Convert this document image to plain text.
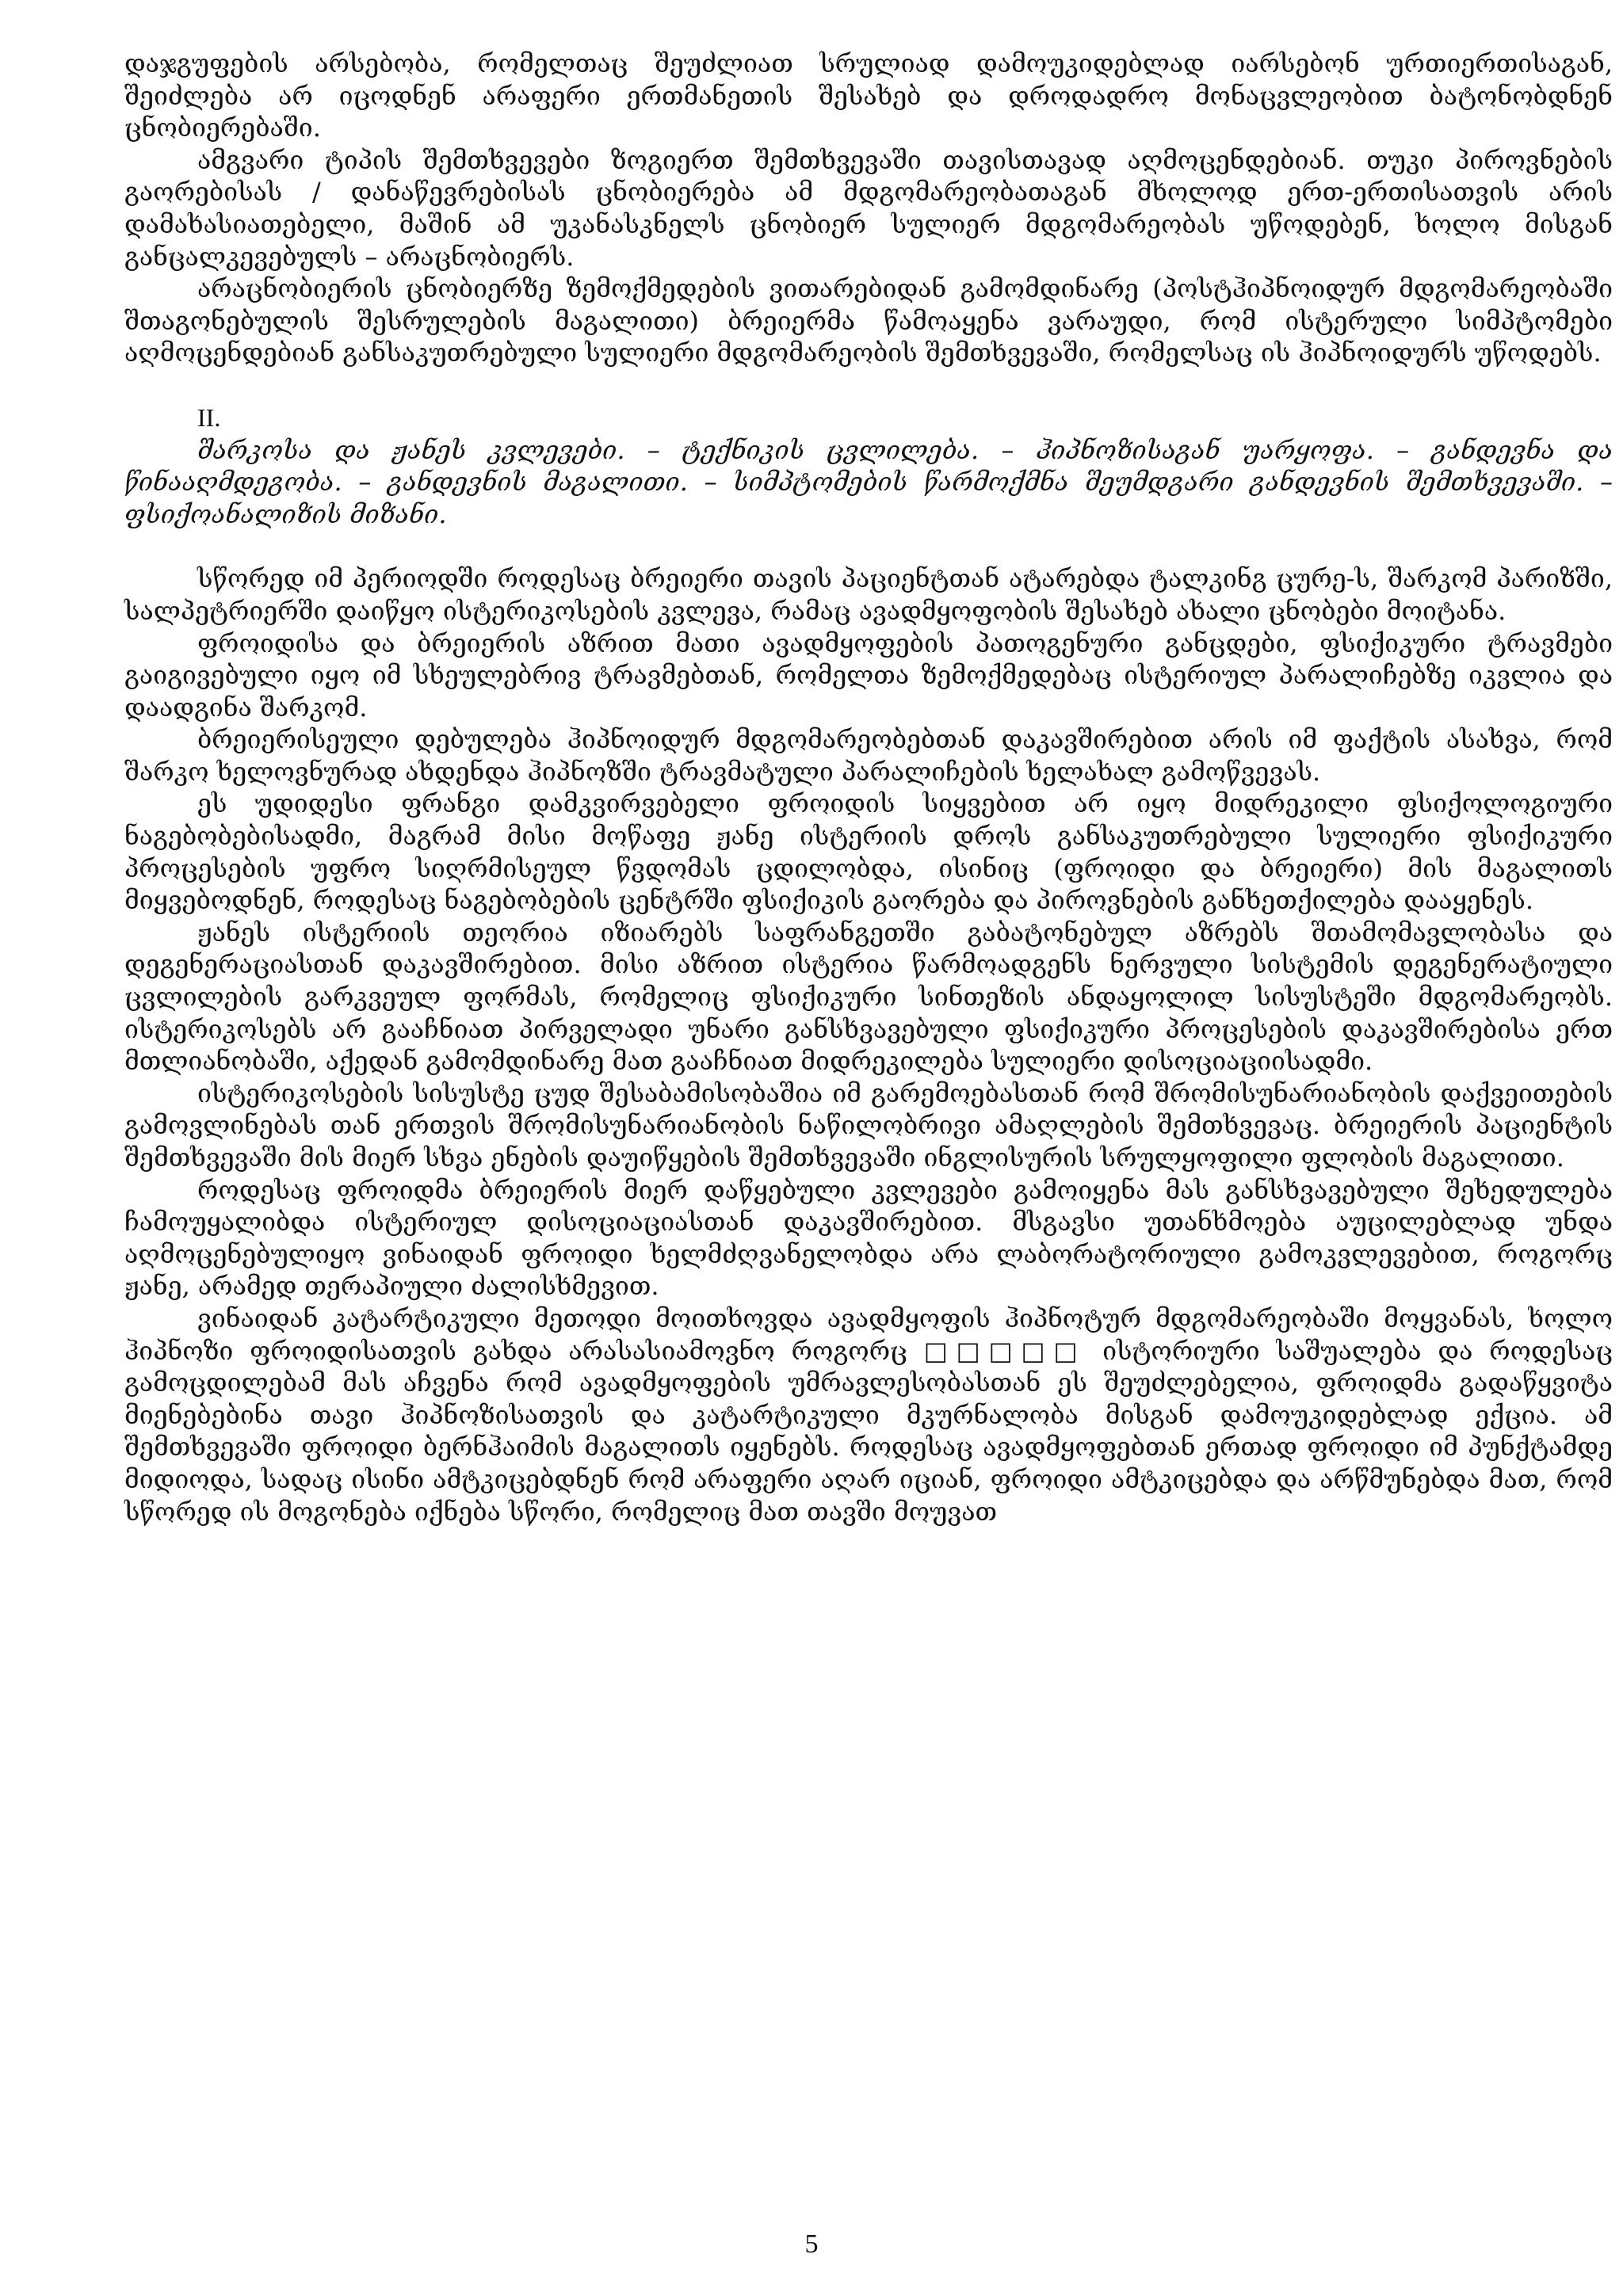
დაჯგუფების არსებობა, რომელთაც შეუძლიათ სრულიად დამოუკიდებლად იარსებონ ურთიერთისაგან, შეიძლება არ იცოდნენ არაფერი ერთმანეთის შესახებ და დროდადრო მონაცვლეობით ბატონობდნენ ცნობიერებაში.

ამგვარი ტიპის შემთხვევები ზოგიერთ შემთხვევაში თავისთავად აღმოცენდებიან. თუკი პიროვნების გაორებისას / დანაწევრებისას ცნობიერება ამ მდგომარეობათაგან მხოლოდ ერთ-ერთისათვის არის დამახასიათებელი, მაშინ ამ უკანასკნელს ცნობიერ სულიერ მდგომარეობას უწოდებენ, ხოლო მისგან განცალკევებულს – არაცნობიერს.

არაცნობიერის ცნობიერზე ზემოქმედების ვითარებიდან გამომდინარე (პოსტჰიპნოიდურ მდგომარეობაში შთაგონებულის შესრულების მაგალითი) ბრეიერმა წამოაყენა ვარაუდი, რომ ისტერული სიმპტომები აღმოცენდებიან განსაკუთრებული სულიერი მდგომარეობის შემთხვევაში, რომელსაც ის ჰიპნოიდურს უწოდებს.

II.

შარკოსა და ჟანეს კვლევები. – ტექნიკის ცვლილება. – ჰიპნოზისაგან უარყოფა. – განდევნა და წინააღმდეგობა. – განდევნის მაგალითი. – სიმპტომების წარმოქმნა შეუმდგარი განდევნის შემთხვევაში. – ფსიქოანალიზის მიზანი.

სწორედ იმ პერიოდში როდესაც ბრეიერი თავის პაციენტთან ატარებდა ტალკინგ ცურე-ს, შარკომ პარიზში, სალპეტრიერში დაიწყო ისტერიკოსების კვლევა, რამაც ავადმყოფობის შესახებ ახალი ცნობები მოიტანა.

ფროიდისა და ბრეიერის აზრით მათი ავადმყოფების პათოგენური განცდები, ფსიქიკური ტრავმები გაიგივებული იყო იმ სხეულებრივ ტრავმებთან, რომელთა ზემოქმედებაც ისტერიულ პარალიჩებზე იკვლია და დაადგინა შარკომ.

ბრეიერისეული დებულება ჰიპნოიდურ მდგომარეობებთან დაკავშირებით არის იმ ფაქტის ასახვა, რომ შარკო ხელოვნურად ახდენდა ჰიპნოზში ტრავმატული პარალიჩების ხელახალ გამოწვევას.

ეს უდიდესი ფრანგი დამკვირვებელი ფროიდის სიყვებით არ იყო მიდრეკილი ფსიქოლოგიური ნაგებობებისადმი, მაგრამ მისი მოწაფე ჟანე ისტერიის დროს განსაკუთრებული სულიერი ფსიქიკური პროცესების უფრო სიღრმისეულ წვდომას ცდილობდა, ისინიც (ფროიდი და ბრეიერი) მის მაგალითს მიყვებოდნენ, როდესაც ნაგებობების ცენტრში ფსიქიკის გაორება და პიროვნების განხეთქილება დააყენეს.

ჟანეს ისტერიის თეორია იზიარებს საფრანგეთში გაბატონებულ აზრებს შთამომავლობასა და დეგენერაციასთან დაკავშირებით. მისი აზრით ისტერია წარმოადგენს ნერვული სისტემის დეგენერატიული ცვლილების გარკვეულ ფორმას, რომელიც ფსიქიკური სინთეზის ანდაყოლილ სისუსტეში მდგომარეობს. ისტერიკოსებს არ გააჩნიათ პირველადი უნარი განსხვავებული ფსიქიკური პროცესების დაკავშირებისა ერთ მთლიანობაში, აქედან გამომდინარე მათ გააჩნიათ მიდრეკილება სულიერი დისოციაციისადმი.

ისტერიკოსების სისუსტე ცუდ შესაბამისობაშია იმ გარემოებასთან რომ შრომისუნარიანობის დაქვეითების გამოვლინებას თან ერთვის შრომისუნარიანობის ნაწილობრივი ამაღლების შემთხვევაც. ბრეიერის პაციენტის შემთხვევაში მის მიერ სხვა ენების დაუიწყების შემთხვევაში ინგლისურის სრულყოფილი ფლობის მაგალითი.

როდესაც ფროიდმა ბრეიერის მიერ დაწყებული კვლევები გამოიყენა მას განსხვავებული შეხედულება ჩამოუყალიბდა ისტერიულ დისოციაციასთან დაკავშირებით. მსგავსი უთანხმოება აუცილებლად უნდა აღმოცენებულიყო ვინაიდან ფროიდი ხელმძღვანელობდა არა ლაბორატორიული გამოკვლევებით, როგორც ჟანე, არამედ თერაპიული ძალისხმევით.

ვინაიდან კატარტიკული მეთოდი მოითხოვდა ავადმყოფის ჰიპნოტურ მდგომარეობაში მოყვანას, ხოლო ჰიპნოზი ფროიდისათვის გახდა არასასიამოვნო როგორც □□□□□ ისტორიური საშუალება და როდესაც გამოცდილებამ მას აჩვენა რომ ავადმყოფების უმრავლესობასთან ეს შეუძლებელია, ფროიდმა გადაწყვიტა მიენებებინა თავი ჰიპნოზისათვის და კატარტიკული მკურნალობა მისგან დამოუკიდებლად ექცია. ამ შემთხვევაში ფროიდი ბერნჰაიმის მაგალითს იყენებს. როდესაც ავადმყოფებთან ერთად ფროიდი იმ პუნქტამდე მიდიოდა, სადაც ისინი ამტკიცებდნენ რომ არაფერი აღარ იციან, ფროიდი ამტკიცებდა და არწმუნებდა მათ, რომ სწორედ ის მოგონება იქნება სწორი, რომელიც მათ თავში მოუვათ

5
